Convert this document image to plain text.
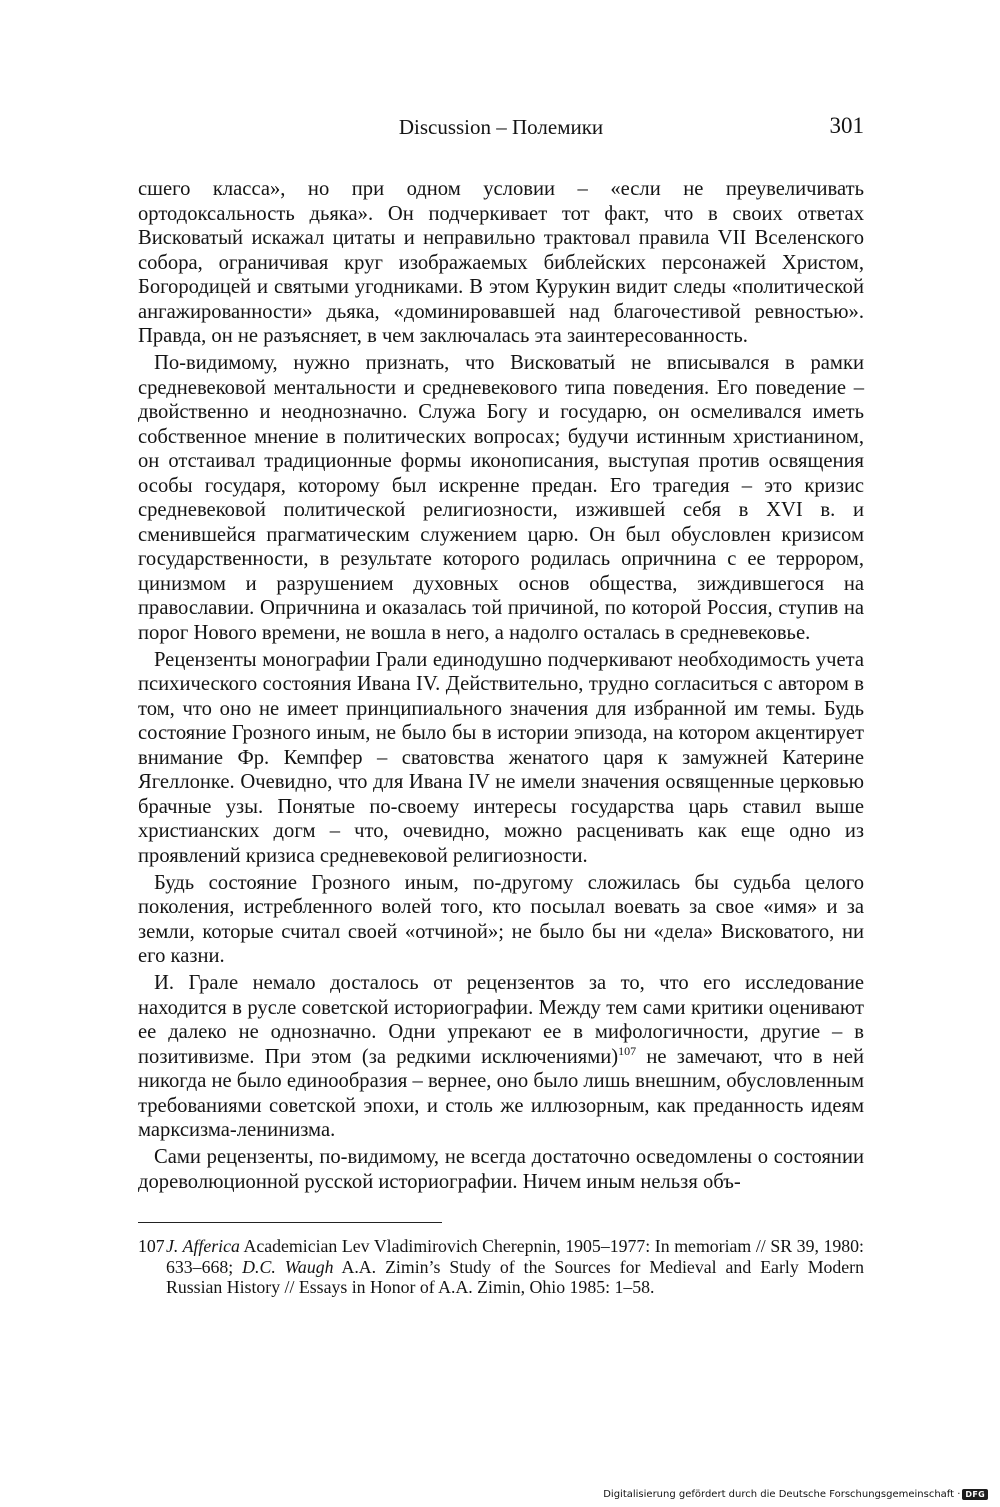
Discussion – Полемики	301

сшего класса», но при одном условии – «если не преувеличивать ортодоксальность дьяка». Он подчеркивает тот факт, что в своих ответах Висковатый искажал цитаты и неправильно трактовал правила VII Вселенского собора, ограничивая круг изображаемых библейских персонажей Христом, Богородицей и святыми угодниками. В этом Курукин видит следы «политической ангажированности» дьяка, «доминировавшей над благочестивой ревностью». Правда, он не разъясняет, в чем заключалась эта заинтересованность.

По-видимому, нужно признать, что Висковатый не вписывался в рамки средневековой ментальности и средневекового типа поведения. Его поведение – двойственно и неоднозначно. Служа Богу и государю, он осмеливался иметь собственное мнение в политических вопросах; будучи истинным христианином, он отстаивал традиционные формы иконописания, выступая против освящения особы государя, которому был искренне предан. Его трагедия – это кризис средневековой политической религиозности, изжившей себя в XVI в. и сменившейся прагматическим служением царю. Он был обусловлен кризисом государственности, в результате которого родилась опричнина с ее террором, цинизмом и разрушением духовных основ общества, зиждившегося на православии. Опричнина и оказалась той причиной, по которой Россия, ступив на порог Нового времени, не вошла в него, а надолго осталась в средневековье.

Рецензенты монографии Грали единодушно подчеркивают необходимость учета психического состояния Ивана IV. Действительно, трудно согласиться с автором в том, что оно не имеет принципиального значения для избранной им темы. Будь состояние Грозного иным, не было бы в истории эпизода, на котором акцентирует внимание Фр. Кемпфер – сватовства женатого царя к замужней Катерине Ягеллонке. Очевидно, что для Ивана IV не имели значения освященные церковью брачные узы. Понятые по-своему интересы государства царь ставил выше христианских догм – что, очевидно, можно расценивать как еще одно из проявлений кризиса средневековой религиозности.

Будь состояние Грозного иным, по-другому сложилась бы судьба целого поколения, истребленного волей того, кто посылал воевать за свое «имя» и за земли, которые считал своей «отчиной»; не было бы ни «дела» Висковатого, ни его казни.

И. Грале немало досталось от рецензентов за то, что его исследование находится в русле советской историографии. Между тем сами критики оценивают ее далеко не однозначно. Одни упрекают ее в мифологичности, другие – в позитивизме. При этом (за редкими исключениями)$^{107}$ не замечают, что в ней никогда не было единообразия – вернее, оно было лишь внешним, обусловленным требованиями советской эпохи, и столь же иллюзорным, как преданность идеям марксизма-ленинизма.

Сами рецензенты, по-видимому, не всегда достаточно осведомлены о состоянии дореволюционной русской историографии. Ничем иным нельзя объ-

107 J. Afferica Academician Lev Vladimirovich Cherepnin, 1905–1977: In memoriam // SR 39, 1980: 633–668; D.C. Waugh A.A. Zimin’s Study of the Sources for Medieval and Early Modern Russian History // Essays in Honor of A.A. Zimin, Ohio 1985: 1–58.
Digitalisierung gefördert durch die Deutsche Forschungsgemeinschaft · DFG
